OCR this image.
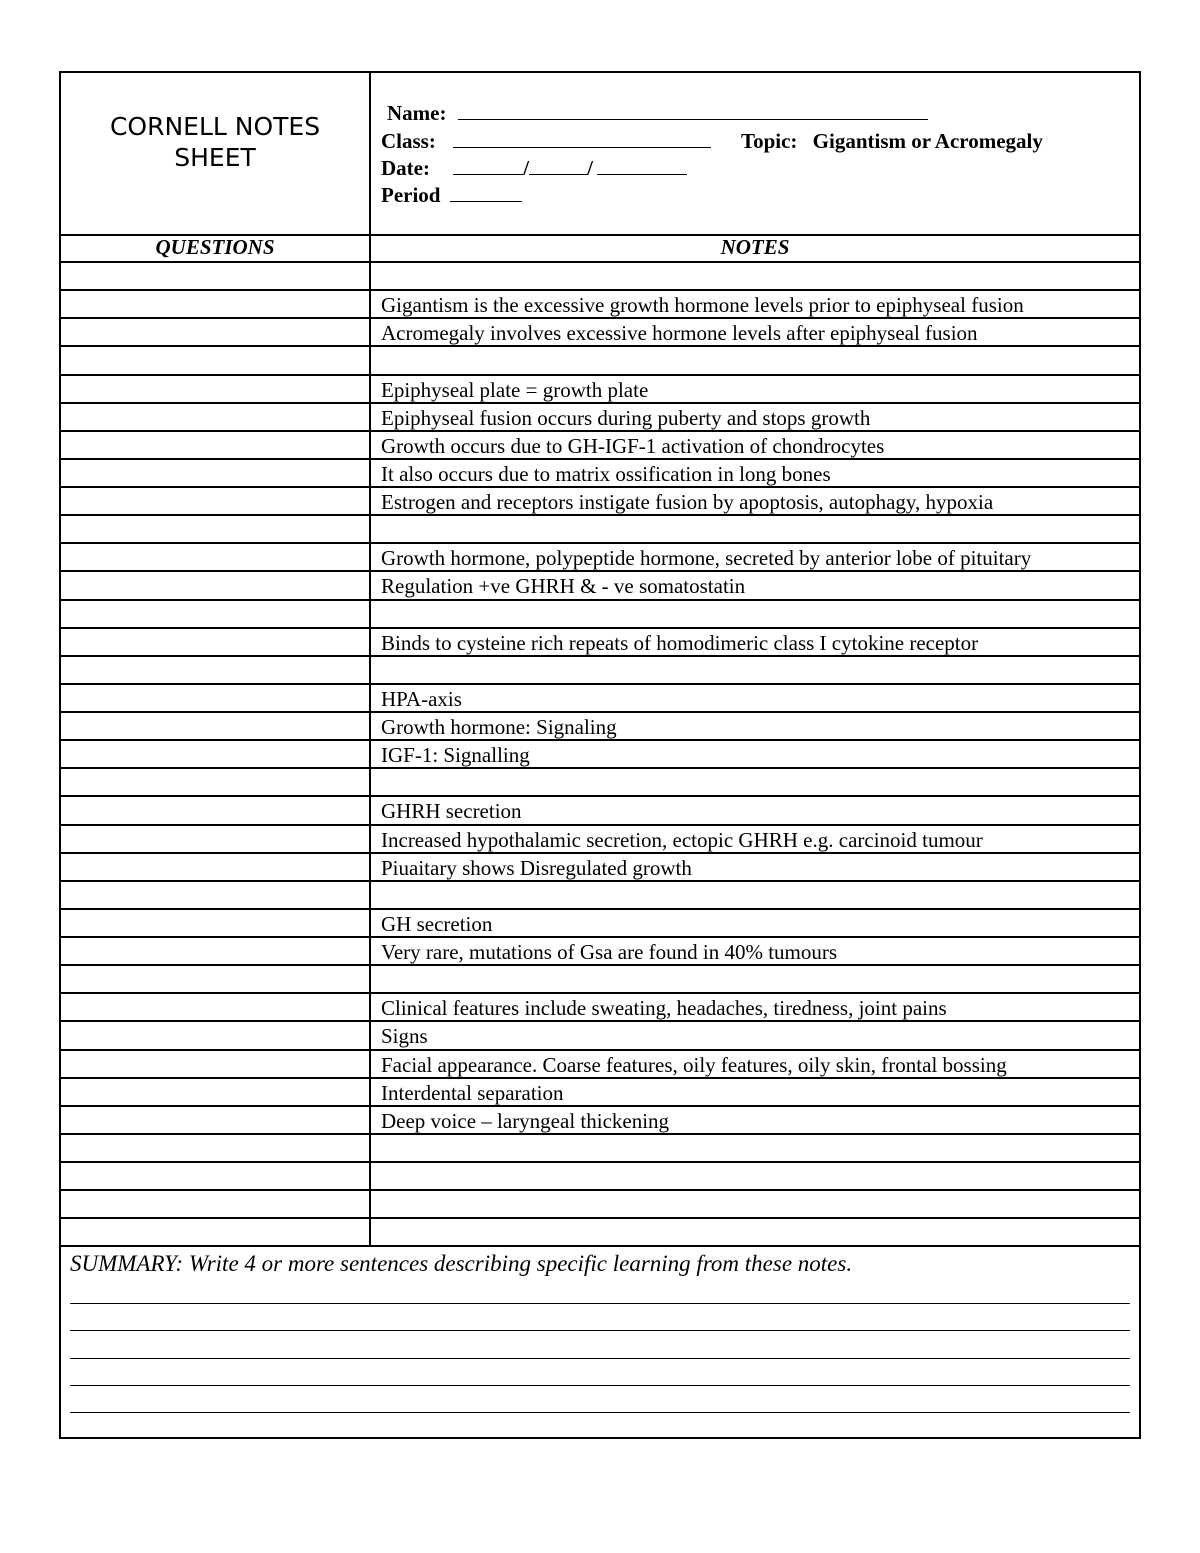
CORNELL NOTES
SHEET
Name:
Class:	Topic: Gigantism or Acromegaly
Date:	/	/
Period
QUESTIONS	NOTES
Gigantism is the excessive growth hormone levels prior to epiphyseal fusion
Acromegaly involves excessive hormone levels after epiphyseal fusion
Epiphyseal plate = growth plate
Epiphyseal fusion occurs during puberty and stops growth
Growth occurs due to GH-IGF-1 activation of chondrocytes
It also occurs due to matrix ossification in long bones
Estrogen and receptors instigate fusion by apoptosis, autophagy, hypoxia
Growth hormone, polypeptide hormone, secreted by anterior lobe of pituitary
Regulation +ve GHRH & - ve somatostatin
Binds to cysteine rich repeats of homodimeric class I cytokine receptor
HPA-axis
Growth hormone: Signaling
IGF-1: Signalling
GHRH secretion
Increased hypothalamic secretion, ectopic GHRH e.g. carcinoid tumour
Piuaitary shows Disregulated growth
GH secretion
Very rare, mutations of Gsa are found in 40% tumours
Clinical features include sweating, headaches, tiredness, joint pains
Signs
Facial appearance. Coarse features, oily features, oily skin, frontal bossing
Interdental separation
Deep voice – laryngeal thickening
SUMMARY: Write 4 or more sentences describing specific learning from these notes.
